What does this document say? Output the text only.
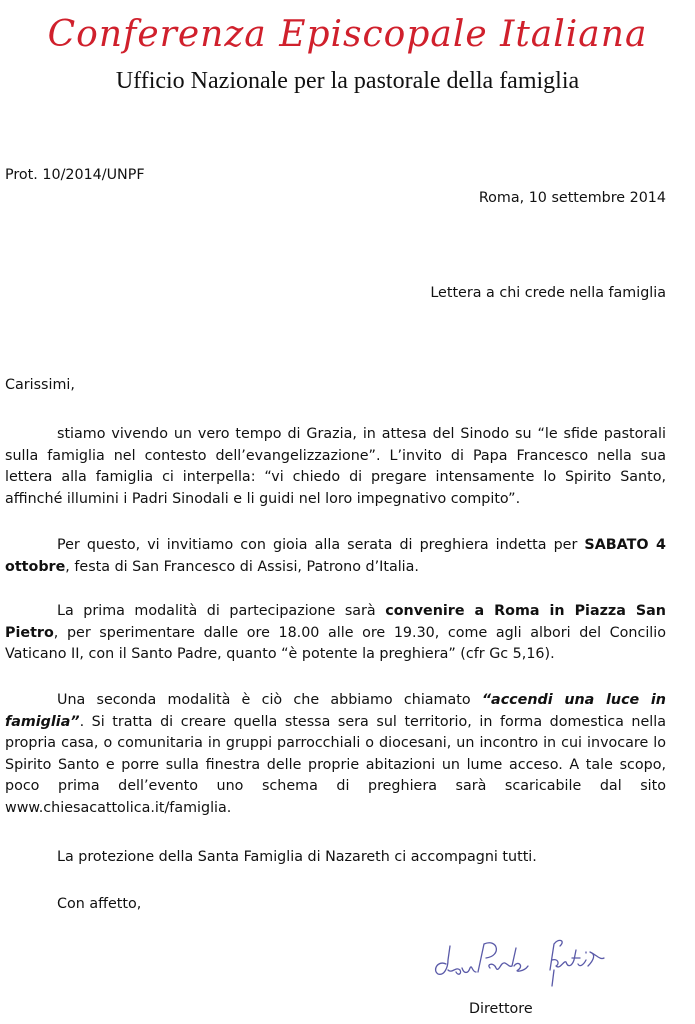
Conferenza Episcopale Italiana
Ufficio Nazionale per la pastorale della famiglia
Prot. 10/2014/UNPF
Roma, 10 settembre 2014
Lettera a chi crede nella famiglia
Carissimi,

stiamo vivendo un vero tempo di Grazia, in attesa del Sinodo su “le sfide pastorali sulla famiglia nel contesto dell’evangelizzazione”. L’invito di Papa Francesco nella sua lettera alla famiglia ci interpella: “vi chiedo di pregare intensamente lo Spirito Santo, affinché illumini i Padri Sinodali e li guidi nel loro impegnativo compito”.

Per questo, vi invitiamo con gioia alla serata di preghiera indetta per SABATO 4 ottobre, festa di San Francesco di Assisi, Patrono d’Italia.

La prima modalità di partecipazione sarà convenire a Roma in Piazza San Pietro, per sperimentare dalle ore 18.00 alle ore 19.30, come agli albori del Concilio Vaticano II, con il Santo Padre, quanto “è potente la preghiera” (cfr Gc 5,16).

Una seconda modalità è ciò che abbiamo chiamato “accendi una luce in famiglia”. Si tratta di creare quella stessa sera sul territorio, in forma domestica nella propria casa, o comunitaria in gruppi parrocchiali o diocesani, un incontro in cui invocare lo Spirito Santo e porre sulla finestra delle proprie abitazioni un lume acceso. A tale scopo, poco prima dell’evento uno schema di preghiera sarà scaricabile dal sito www.chiesacattolica.it/famiglia.

La protezione della Santa Famiglia di Nazareth ci accompagni tutti.
Con affetto,
Direttore
